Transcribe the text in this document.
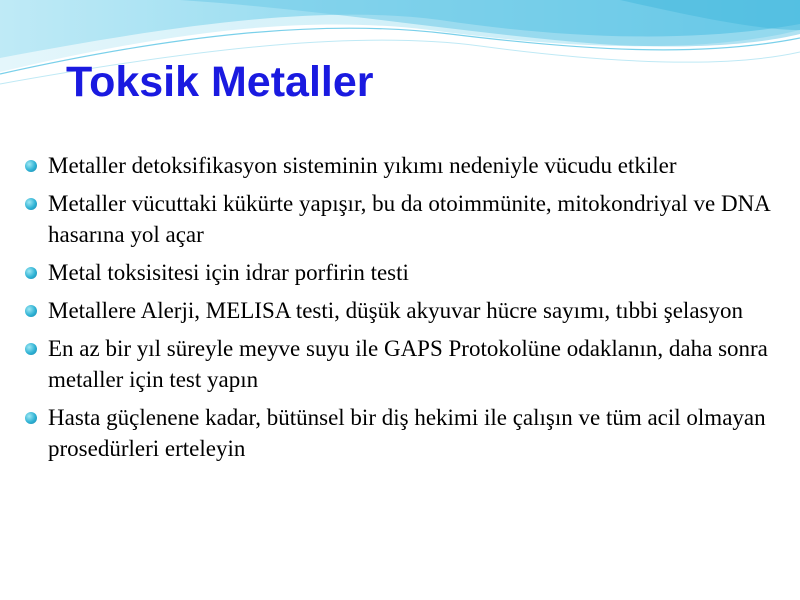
Toksik Metaller
Metaller detoksifikasyon sisteminin yıkımı nedeniyle vücudu etkiler
Metaller vücuttaki kükürte yapışır, bu da otoimmünite, mitokondriyal ve DNA hasarına yol açar
Metal toksisitesi için idrar porfirin testi
Metallere Alerji, MELISA testi, düşük akyuvar hücre sayımı, tıbbi şelasyon
En az bir yıl süreyle meyve suyu ile GAPS Protokolüne odaklanın, daha sonra metaller için test yapın
Hasta güçlenene kadar, bütünsel bir diş hekimi ile çalışın ve tüm acil olmayan prosedürleri erteleyin
